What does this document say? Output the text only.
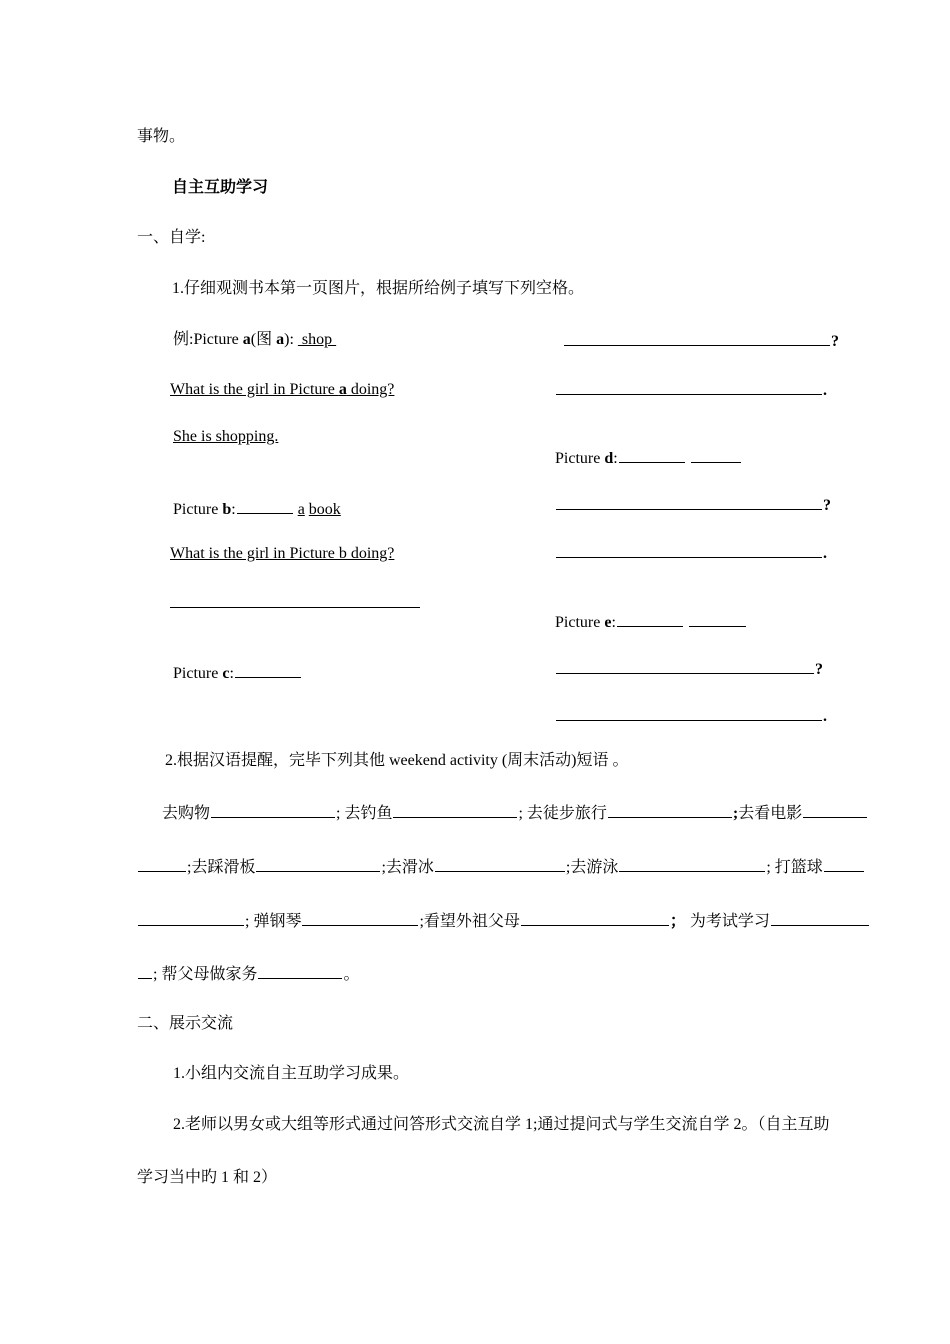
事物。
自主互助学习
一、自学:
1.仔细观测书本第一页图片，根据所给例子填写下列空格。
例:Picture a(图 a):  shop
What is the girl in Picture a doing?
She is shopping.
Picture b:	a book
What is the girl in Picture b doing?
Picture c:
?
.
Picture d:
?
.
Picture e:
?
.
2.根据汉语提醒，完毕下列其他 weekend activity (周末活动)短语 。
去购物	; 去钓鱼	; 去徒步旅行	;去看电影
;去踩滑板	;去滑冰	;去游泳	; 打篮球
; 弹钢琴	;看望外祖父母	； 为考试学习
; 帮父母做家务	。
二、展示交流
1.小组内交流自主互助学习成果。
2.老师以男女或大组等形式通过问答形式交流自学 1;通过提问式与学生交流自学 2。（自主互助
学习当中旳 1 和 2）
